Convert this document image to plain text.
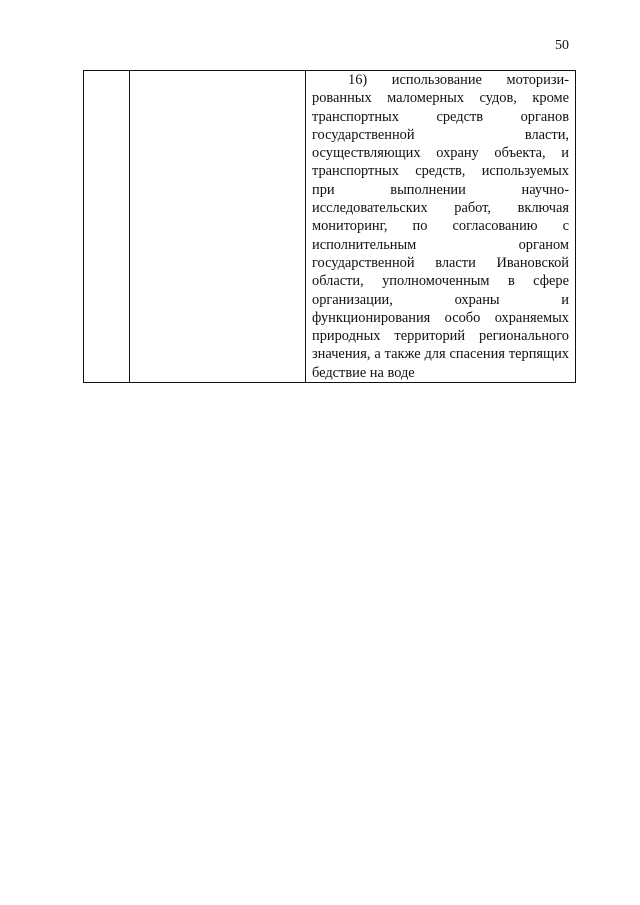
50

16) использование моторизи-рованных маломерных судов, кроме транспортных средств органов государственной власти, осуществляющих охрану объекта, и транспортных средств, используемых при выполнении научно-исследовательских работ, включая мониторинг, по согласованию с исполнительным органом государственной власти Ивановской области, уполномоченным в сфере организации, охраны и функционирования особо охраняемых природных территорий регионального значения, а также для спасения терпящих бедствие на воде
